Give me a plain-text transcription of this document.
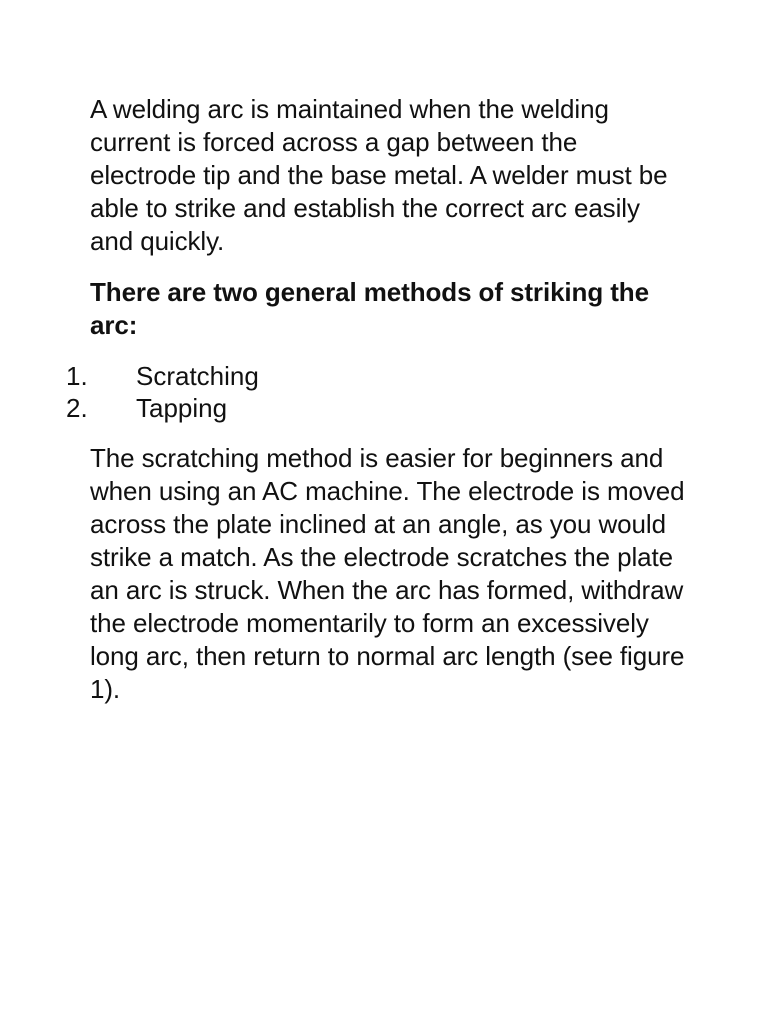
A welding arc is maintained when the welding current is forced across a gap between the electrode tip and the base metal. A welder must be able to strike and establish the correct arc easily and quickly.

There are two general methods of striking the arc:

1.	Scratching
2.	Tapping

The scratching method is easier for beginners and when using an AC machine. The electrode is moved across the plate inclined at an angle, as you would strike a match. As the electrode scratches the plate an arc is struck. When the arc has formed, withdraw the electrode momentarily to form an excessively long arc, then return to normal arc length (see figure 1).
